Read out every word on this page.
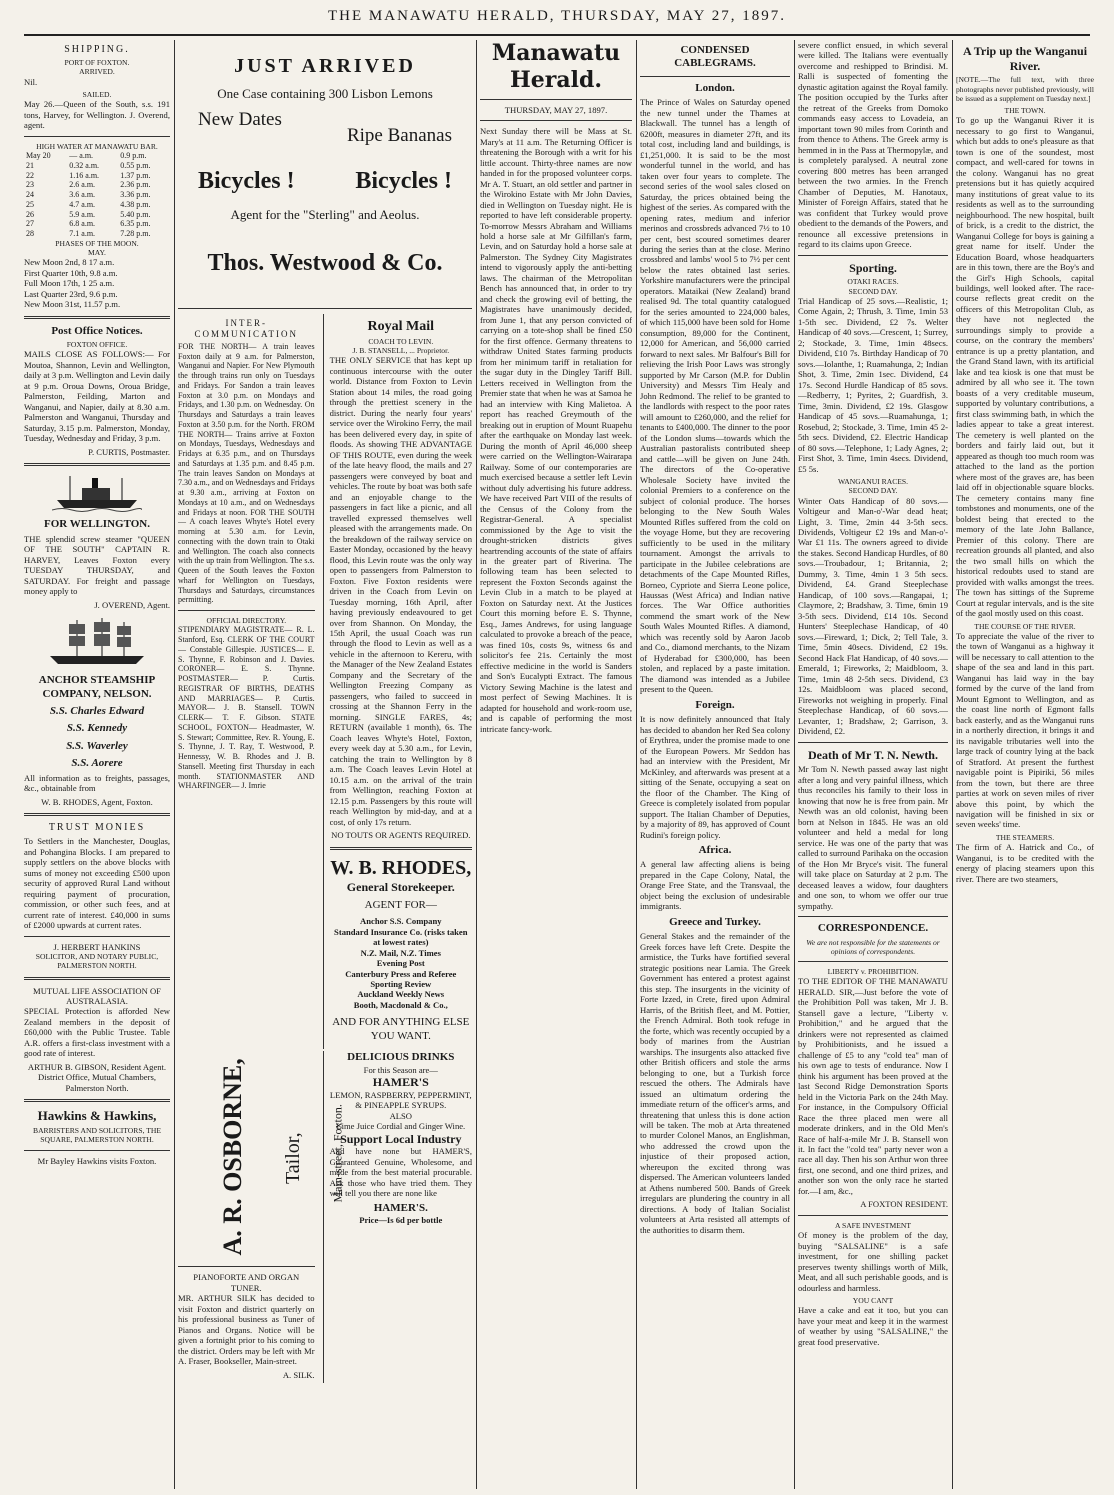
THE MANAWATU HERALD, THURSDAY, MAY 27, 1897.
SHIPPING.
PORT OF FOXTON.
ARRIVED.

Nil.

SAILED.

May 26.—Queen of the South, s.s. 191 tons, Harvey, for Wellington. J. Overend, agent.

HIGH WATER AT MANAWATU BAR.
May 20	— a.m.	0.9 p.m.
21	0.32 a.m.	0.55 p.m.
22	1.16 a.m.	1.37 p.m.
23	2.6 a.m.	2.36 p.m.
24	3.6 a.m.	3.36 p.m.
25	4.7 a.m.	4.38 p.m.
26	5.9 a.m.	5.40 p.m.
27	6.8 a.m.	6.35 p.m.
28	7.1 a.m.	7.28 p.m.
PHASES OF THE MOON.
MAY.
New Moon 2nd, 8 17 a.m.
First Quarter 10th, 9.8 a.m.
Full Moon 17th, 1 25 a.m.
Last Quarter 23rd, 9.6 p.m.
New Moon 31st, 11.57 p.m.
Post Office Notices.
FOXTON OFFICE.

MAILS CLOSE AS FOLLOWS:— For Moutoa, Shannon, Levin and Wellington, daily at 3 p.m. Wellington and Levin daily at 9 p.m. Oroua Downs, Oroua Bridge, Palmerston, Feilding, Marton and Wanganui, and Napier, daily at 8.30 a.m. Palmerston and Wanganui, Thursday and Saturday, 3.15 p.m. Palmerston, Monday, Tuesday, Wednesday and Friday, 3 p.m.

P. CURTIS, Postmaster.

FOR WELLINGTON.

THE splendid screw steamer "QUEEN OF THE SOUTH" CAPTAIN R. HARVEY, Leaves Foxton every TUESDAY THURSDAY, and SATURDAY. For freight and passage money apply to

J. OVEREND, Agent.

ANCHOR STEAMSHIP COMPANY, NELSON.
S.S. Charles Edward
S.S. Kennedy
S.S. Waverley
S.S. Aorere

All information as to freights, passages, &c., obtainable from

W. B. RHODES, Agent, Foxton.

TRUST MONIES

To Settlers in the Manchester, Douglas, and Pohangina Blocks. I am prepared to supply settlers on the above blocks with sums of money not exceeding £500 upon security of approved Rural Land without requiring payment of procuration, commission, or other such fees, and at current rate of interest. £40,000 in sums of £2000 upwards at current rates.

J. HERBERT HANKINS
SOLICITOR, AND NOTARY PUBLIC, PALMERSTON NORTH.
MUTUAL LIFE ASSOCIATION OF AUSTRALASIA.

SPECIAL Protection is afforded New Zealand members in the deposit of £60,000 with the Public Trustee. Table A.R. offers a first-class investment with a good rate of interest.

ARTHUR B. GIBSON, Resident Agent. District Office, Mutual Chambers, Palmerston North.

Hawkins & Hawkins,
BARRISTERS AND SOLICITORS, THE SQUARE, PALMERSTON NORTH.
Mr Bayley Hawkins visits Foxton.
JUST ARRIVED
One Case containing 300 Lisbon Lemons
New Dates
Ripe Bananas
Bicycles !	Bicycles !
Agent for the "Sterling" and Aeolus.
Thos. Westwood & Co.
INTER-COMMUNICATION

FOR THE NORTH— A train leaves Foxton daily at 9 a.m. for Palmerston, Wanganui and Napier. For New Plymouth the through trains run only on Tuesdays and Fridays. For Sandon a train leaves Foxton at 3.0 p.m. on Mondays and Fridays, and 1.30 p.m. on Wednesday. On Thursdays and Saturdays a train leaves Foxton at 3.50 p.m. for the North. FROM THE NORTH— Trains arrive at Foxton on Mondays, Tuesdays, Wednesdays and Fridays at 6.35 p.m., and on Thursdays and Saturdays at 1.35 p.m. and 8.45 p.m. The train leaves Sandon on Mondays at 7.30 a.m., and on Wednesdays and Fridays at 9.30 a.m., arriving at Foxton on Mondays at 10 a.m., and on Wednesdays and Fridays at noon. FOR THE SOUTH— A coach leaves Whyte's Hotel every morning at 5.30 a.m. for Levin, connecting with the down train to Otaki and Wellington. The coach also connects with the up train from Wellington. The s.s. Queen of the South leaves the Foxton wharf for Wellington on Tuesdays, Thursdays and Saturdays, circumstances permitting.

OFFICIAL DIRECTORY.

STIPENDIARY MAGISTRATE— R. L. Stanford, Esq. CLERK OF THE COURT— Constable Gillespie. JUSTICES— E. S. Thynne, F. Robinson and J. Davies. CORONER— E. S. Thynne. POSTMASTER— P. Curtis. REGISTRAR OF BIRTHS, DEATHS AND MARRIAGES— P. Curtis. MAYOR— J. B. Stansell. TOWN CLERK— T. F. Gibson. STATE SCHOOL, FOXTON— Headmaster, W. S. Stewart; Committee, Rev. R. Young, E. S. Thynne, J. T. Ray, T. Westwood, P. Hennessy, W. B. Rhodes and J. B. Stansell. Meeting first Thursday in each month. STATIONMASTER AND WHARFINGER— J. Imrie

Royal Mail
COACH TO LEVIN.
J. B. STANSELL, ... Proprietor.

THE ONLY SERVICE that has kept up continuous intercourse with the outer world. Distance from Foxton to Levin Station about 14 miles, the road going through the prettiest scenery in the district. During the nearly four years' service over the Wirokino Ferry, the mail has been delivered every day, in spite of floods. As showing THE ADVANTAGE OF THIS ROUTE, even during the week of the late heavy flood, the mails and 27 passengers were conveyed by boat and vehicles. The route by boat was both safe and an enjoyable change to the passengers in fact like a picnic, and all travelled expressed themselves well pleased with the arrangements made. On the breakdown of the railway service on Easter Monday, occasioned by the heavy flood, this Levin route was the only way open to passengers from Palmerston to Foxton. Five Foxton residents were driven in the Coach from Levin on Tuesday morning, 16th April, after having previously endeavoured to get over from Shannon. On Monday, the 15th April, the usual Coach was run through the flood to Levin as well as a vehicle in the afternoon to Kereru, with the Manager of the New Zealand Estates Company and the Secretary of the Wellington Freezing Company as passengers, who failed to succeed in crossing at the Shannon Ferry in the morning. SINGLE FARES, 4s; RETURN (available 1 month), 6s. The Coach leaves Whyte's Hotel, Foxton, every week day at 5.30 a.m., for Levin, catching the train to Wellington by 8 a.m. The Coach leaves Levin Hotel at 10.15 a.m. on the arrival of the train from Wellington, reaching Foxton at 12.15 p.m. Passengers by this route will reach Wellington by mid-day, and at a cost, of only 17s return.

NO TOUTS OR AGENTS REQUIRED.
W. B. RHODES,
General Storekeeper.
AGENT FOR—
Anchor S.S. Company
Standard Insurance Co. (risks taken at lowest rates)
N.Z. Mail, N.Z. Times
Evening Post
Canterbury Press and Referee
Sporting Review
Auckland Weekly News
Booth, Macdonald & Co.,
AND FOR ANYTHING ELSE YOU WANT.
A. R. OSBORNE, Tailor, Main-street, Foxton.
PIANOFORTE AND ORGAN TUNER.

MR. ARTHUR SILK has decided to visit Foxton and district quarterly on his professional business as Tuner of Pianos and Organs. Notice will be given a fortnight prior to his coming to the district. Orders may be left with Mr A. Fraser, Bookseller, Main-street.

A. SILK.

DELICIOUS DRINKS
For this Season are—
HAMER'S
LEMON, RASPBERRY, PEPPERMINT, & PINEAPPLE SYRUPS.
ALSO
Lime Juice Cordial and Ginger Wine.
Support Local Industry

And have none but HAMER'S, Guaranteed Genuine, Wholesome, and made from the best material procurable. Ask those who have tried them. They will tell you there are none like

HAMER'S.
Price—Is 6d per bottle
Manawatu Herald.
THURSDAY, MAY 27, 1897.

Next Sunday there will be Mass at St. Mary's at 11 a.m. The Returning Officer is threatening the Borough with a writ for his little account. Thirty-three names are now handed in for the proposed volunteer corps. Mr A. T. Stuart, an old settler and partner in the Wirokino Estate with Mr John Davies, died in Wellington on Tuesday night. He is reported to have left considerable property. To-morrow Messrs Abraham and Williams hold a horse sale at Mr Gilfillan's farm, Levin, and on Saturday hold a horse sale at Palmerston. The Sydney City Magistrates intend to vigorously apply the anti-betting laws. The chairman of the Metropolitan Bench has announced that, in order to try and check the growing evil of betting, the Magistrates have unanimously decided, from June 1, that any person convicted of carrying on a tote-shop shall be fined £50 for the first offence. Germany threatens to withdraw United States farming products from her minimum tariff in retaliation for the sugar duty in the Dingley Tariff Bill. Letters received in Wellington from the Premier state that when he was at Samoa he had an interview with King Malietoa. A report has reached Greymouth of the breaking out in eruption of Mount Ruapehu after the earthquake on Monday last week. During the month of April 46,000 sheep were carried on the Wellington-Wairarapa Railway. Some of our contemporaries are much exercised because a settler left Levin without duly advertising his future address. We have received Part VIII of the results of the Census of the Colony from the Registrar-General. A specialist commissioned by the Age to visit the drought-stricken districts gives heartrending accounts of the state of affairs in the greater part of Riverina. The following team has been selected to represent the Foxton Seconds against the Levin Club in a match to be played at Foxton on Saturday next. At the Justices Court this morning before E. S. Thynne, Esq., James Andrews, for using language calculated to provoke a breach of the peace, was fined 10s, costs 9s, witness 6s and solicitor's fee 21s. Certainly the most effective medicine in the world is Sanders and Son's Eucalypti Extract. The famous Victory Sewing Machine is the latest and most perfect of Sewing Machines. It is adapted for household and work-room use, and is capable of performing the most intricate fancy-work.

CONDENSED CABLEGRAMS.
London.

The Prince of Wales on Saturday opened the new tunnel under the Thames at Blackwall. The tunnel has a length of 6200ft, measures in diameter 27ft, and its total cost, including land and buildings, is £1,251,000. It is said to be the most wonderful tunnel in the world, and has taken over four years to complete. The second series of the wool sales closed on Saturday, the prices obtained being the highest of the series. As compared with the opening rates, medium and inferior merinos and crossbreds advanced 7½ to 10 per cent, best scoured sometimes dearer during the series than at the close. Merino crossbred and lambs' wool 5 to 7½ per cent below the rates obtained last series. Yorkshire manufacturers were the principal operators. Mataikai (New Zealand) brand realised 9d. The total quantity catalogued for the series amounted to 224,000 bales, of which 115,000 have been sold for Home consumption, 89,000 for the Continent, 12,000 for American, and 56,000 carried forward to next sales. Mr Balfour's Bill for relieving the Irish Poor Laws was strongly supported by Mr Carson (M.P. for Dublin University) and Messrs Tim Healy and John Redmond. The relief to be granted to the landlords with respect to the poor rates will amount to £260,000, and the relief for tenants to £400,000. The dinner to the poor of the London slums—towards which the Australian pastoralists contributed sheep and cattle—will be given on June 24th. The directors of the Co-operative Wholesale Society have invited the colonial Premiers to a conference on the subject of colonial produce. The horses belonging to the New South Wales Mounted Rifles suffered from the cold on the voyage Home, but they are recovering sufficiently to be used in the military tournament. Amongst the arrivals to participate in the Jubilee celebrations are detachments of the Cape Mounted Rifles, Borneo, Cypriote and Sierra Leone police, Haussas (West Africa) and Indian native forces. The War Office authorities commend the smart work of the New South Wales Mounted Rifles. A diamond, which was recently sold by Aaron Jacob and Co., diamond merchants, to the Nizam of Hyderabad for £300,000, has been stolen, and replaced by a paste imitation. The diamond was intended as a Jubilee present to the Queen.

Foreign.

It is now definitely announced that Italy has decided to abandon her Red Sea colony of Erythrea, under the promise made to one of the European Powers. Mr Seddon has had an interview with the President, Mr McKinley, and afterwards was present at a sitting of the Senate, occupying a seat on the floor of the Chamber. The King of Greece is completely isolated from popular support. The Italian Chamber of Deputies, by a majority of 89, has approved of Count Rudini's foreign policy.

Africa.

A general law affecting aliens is being prepared in the Cape Colony, Natal, the Orange Free State, and the Transvaal, the object being the exclusion of undesirable immigrants.

Greece and Turkey.

General Stakes and the remainder of the Greek forces have left Crete. Despite the armistice, the Turks have fortified several strategic positions near Lamia. The Greek Government has entered a protest against this step. The insurgents in the vicinity of Forte Izzed, in Crete, fired upon Admiral Harris, of the British fleet, and M. Pottier, the French Admiral. Both took refuge in the forte, which was recently occupied by a body of marines from the Austrian warships. The insurgents also attacked five other British officers and stole the arms belonging to one, but a Turkish force rescued the others. The Admirals have issued an ultimatum ordering the immediate return of the officer's arms, and threatening that unless this is done action will be taken. The mob at Arta threatened to murder Colonel Manos, an Englishman, who addressed the crowd upon the injustice of their proposed action, whereupon the excited throng was dispersed. The American volunteers landed at Athens numbered 500. Bands of Greek irregulars are plundering the country in all directions. A body of Italian Socialist volunteers at Arta resisted all attempts of the authorities to disarm them.

severe conflict ensued, in which several were killed. The Italians were eventually overcome and reshipped to Brindisi. M. Ralli is suspected of fomenting the dynastic agitation against the Royal family. The position occupied by the Turks after the retreat of the Greeks from Domoko commands easy access to Lovadeia, an important town 90 miles from Corinth and from thence to Athens. The Greek army is hemmed in in the Pass at Thermopylæ, and is completely paralysed. A neutral zone covering 800 metres has been arranged between the two armies. In the French Chamber of Deputies, M. Hanotaux, Minister of Foreign Affairs, stated that he was confident that Turkey would prove obedient to the demands of the Powers, and renounce all excessive pretensions in regard to its claims upon Greece.

Sporting.
OTAKI RACES.
SECOND DAY.

Trial Handicap of 25 sovs.—Realistic, 1; Come Again, 2; Thrush, 3. Time, 1min 53 1-5th sec. Dividend, £2 7s. Welter Handicap of 40 sovs.—Crescent, 1; Surrey, 2; Stockade, 3. Time, 1min 48secs. Dividend, £10 7s. Birthday Handicap of 70 sovs.—Iolanthe, 1; Ruamahunga, 2; Indian Shot, 3. Time, 2min 1sec. Dividend, £4 17s. Second Hurdle Handicap of 85 sovs.—Redberry, 1; Pyrites, 2; Guardfish, 3. Time, 3min. Dividend, £2 19s. Glasgow Handicap of 45 sovs.—Ruamahunga, 1; Rosebud, 2; Stockade, 3. Time, 1min 45 2-5th secs. Dividend, £2. Electric Handicap of 80 sovs.—Telephone, 1; Lady Agnes, 2; First Shot, 3. Time, 1min 4secs. Dividend, £5 5s.

WANGANUI RACES.
SECOND DAY.

Winter Oats Handicap of 80 sovs.—Voltigeur and Man-o'-War dead heat; Light, 3. Time, 2min 44 3-5th secs. Dividends, Voltigeur £2 19s and Man-o'-War £1 11s. The owners agreed to divide the stakes. Second Handicap Hurdles, of 80 sovs.—Troubadour, 1; Britannia, 2; Dummy, 3. Time, 4min 1 3 5th secs. Dividend, £4. Grand Steeplechase Handicap, of 100 sovs.—Rangapai, 1; Claymore, 2; Bradshaw, 3. Time, 6min 19 3-5th secs. Dividend, £14 10s. Second Hunters' Steeplechase Handicap, of 40 sovs.—Fireward, 1; Dick, 2; Tell Tale, 3. Time, 5min 40secs. Dividend, £2 19s. Second Hack Flat Handicap, of 40 sovs.—Emerald, 1; Fireworks, 2; Maidbloom, 3. Time, 1min 48 2-5th secs. Dividend, £3 12s. Maidbloom was placed second, Fireworks not weighing in properly. Final Steeplechase Handicap, of 60 sovs.—Levanter, 1; Bradshaw, 2; Garrison, 3. Dividend, £2.

Death of Mr T. N. Newth.

Mr Tom N. Newth passed away last night after a long and very painful illness, which thus reconciles his family to their loss in knowing that now he is free from pain. Mr Newth was an old colonist, having been born at Nelson in 1845. He was an old volunteer and held a medal for long service. He was one of the party that was called to surround Parihaka on the occasion of the Hon Mr Bryce's visit. The funeral will take place on Saturday at 2 p.m. The deceased leaves a widow, four daughters and one son, to whom we offer our true sympathy.

CORRESPONDENCE.
We are not responsible for the statements or opinions of correspondents.
LIBERTY v. PROHIBITION.

TO THE EDITOR OF THE MANAWATU HERALD. SIR,—Just before the vote of the Prohibition Poll was taken, Mr J. B. Stansell gave a lecture, "Liberty v. Prohibition," and he argued that the drinkers were not represented as claimed by Prohibitionists, and he issued a challenge of £5 to any "cold tea" man of his own age to tests of endurance. Now I think his argument has been proved at the last Second Ridge Demonstration Sports held in the Victoria Park on the 24th May. For instance, in the Compulsory Official Race the three placed men were all moderate drinkers, and in the Old Men's Race of half-a-mile Mr J. B. Stansell won it. In fact the "cold tea" party never won a race all day. Then his son Arthur won three first, one second, and one third prizes, and another son won the only race he started for.—I am, &c.,

A FOXTON RESIDENT.

A SAFE INVESTMENT

Of money is the problem of the day, buying "SALSALINE" is a safe investment, for one shilling packet preserves twenty shillings worth of Milk, Meat, and all such perishable goods, and is odourless and harmless.

YOU CAN'T

Have a cake and eat it too, but you can have your meat and keep it in the warmest of weather by using "SALSALINE," the great food preservative.

A Trip up the Wanganui River.

[NOTE.—The full text, with three photographs never published previously, will be issued as a supplement on Tuesday next.]

THE TOWN.

To go up the Wanganui River it is necessary to go first to Wanganui, which but adds to one's pleasure as that town is one of the soundest, most compact, and well-cared for towns in the colony. Wanganui has no great pretensions but it has quietly acquired many institutions of great value to its residents as well as to the surrounding neighbourhood. The new hospital, built of brick, is a credit to the district, the Wanganui College for boys is gaining a great name for itself. Under the Education Board, whose headquarters are in this town, there are the Boy's and the Girl's High Schools, capital buildings, well looked after. The race-course reflects great credit on the officers of this Metropolitan Club, as they have not neglected the surroundings simply to provide a course, on the contrary the members' entrance is up a pretty plantation, and the Grand Stand lawn, with its artificial lake and tea kiosk is one that must be admired by all who see it. The town boasts of a very creditable museum, supported by voluntary contributions, a first class swimming bath, in which the ladies appear to take a great interest. The cemetery is well planted on the borders and fairly laid out, but it appeared as though too much room was attached to the land as the portion where most of the graves are, has been laid off in objectionable square blocks. The cemetery contains many fine tombstones and monuments, one of the boldest being that erected to the memory of the late John Ballance, Premier of this colony. There are recreation grounds all planted, and also the two small hills on which the historical redoubts used to stand are provided with walks amongst the trees. The town has sittings of the Supreme Court at regular intervals, and is the site of the gaol mostly used on this coast.

THE COURSE OF THE RIVER.

To appreciate the value of the river to the town of Wanganui as a highway it will be necessary to call attention to the shape of the sea and land in this part. Wanganui has laid way in the bay formed by the curve of the land from Mount Egmont to Wellington, and as the coast line north of Egmont falls back easterly, and as the Wanganui runs in a northerly direction, it brings it and its navigable tributaries well into the large track of country lying at the back of Stratford. At present the furthest navigable point is Pipiriki, 56 miles from the town, but there are three parties at work on seven miles of river above this point, by which the navigation will be finished in six or seven weeks' time.

THE STEAMERS.

The firm of A. Hatrick and Co., of Wanganui, is to be credited with the energy of placing steamers upon this river. There are two steamers,
